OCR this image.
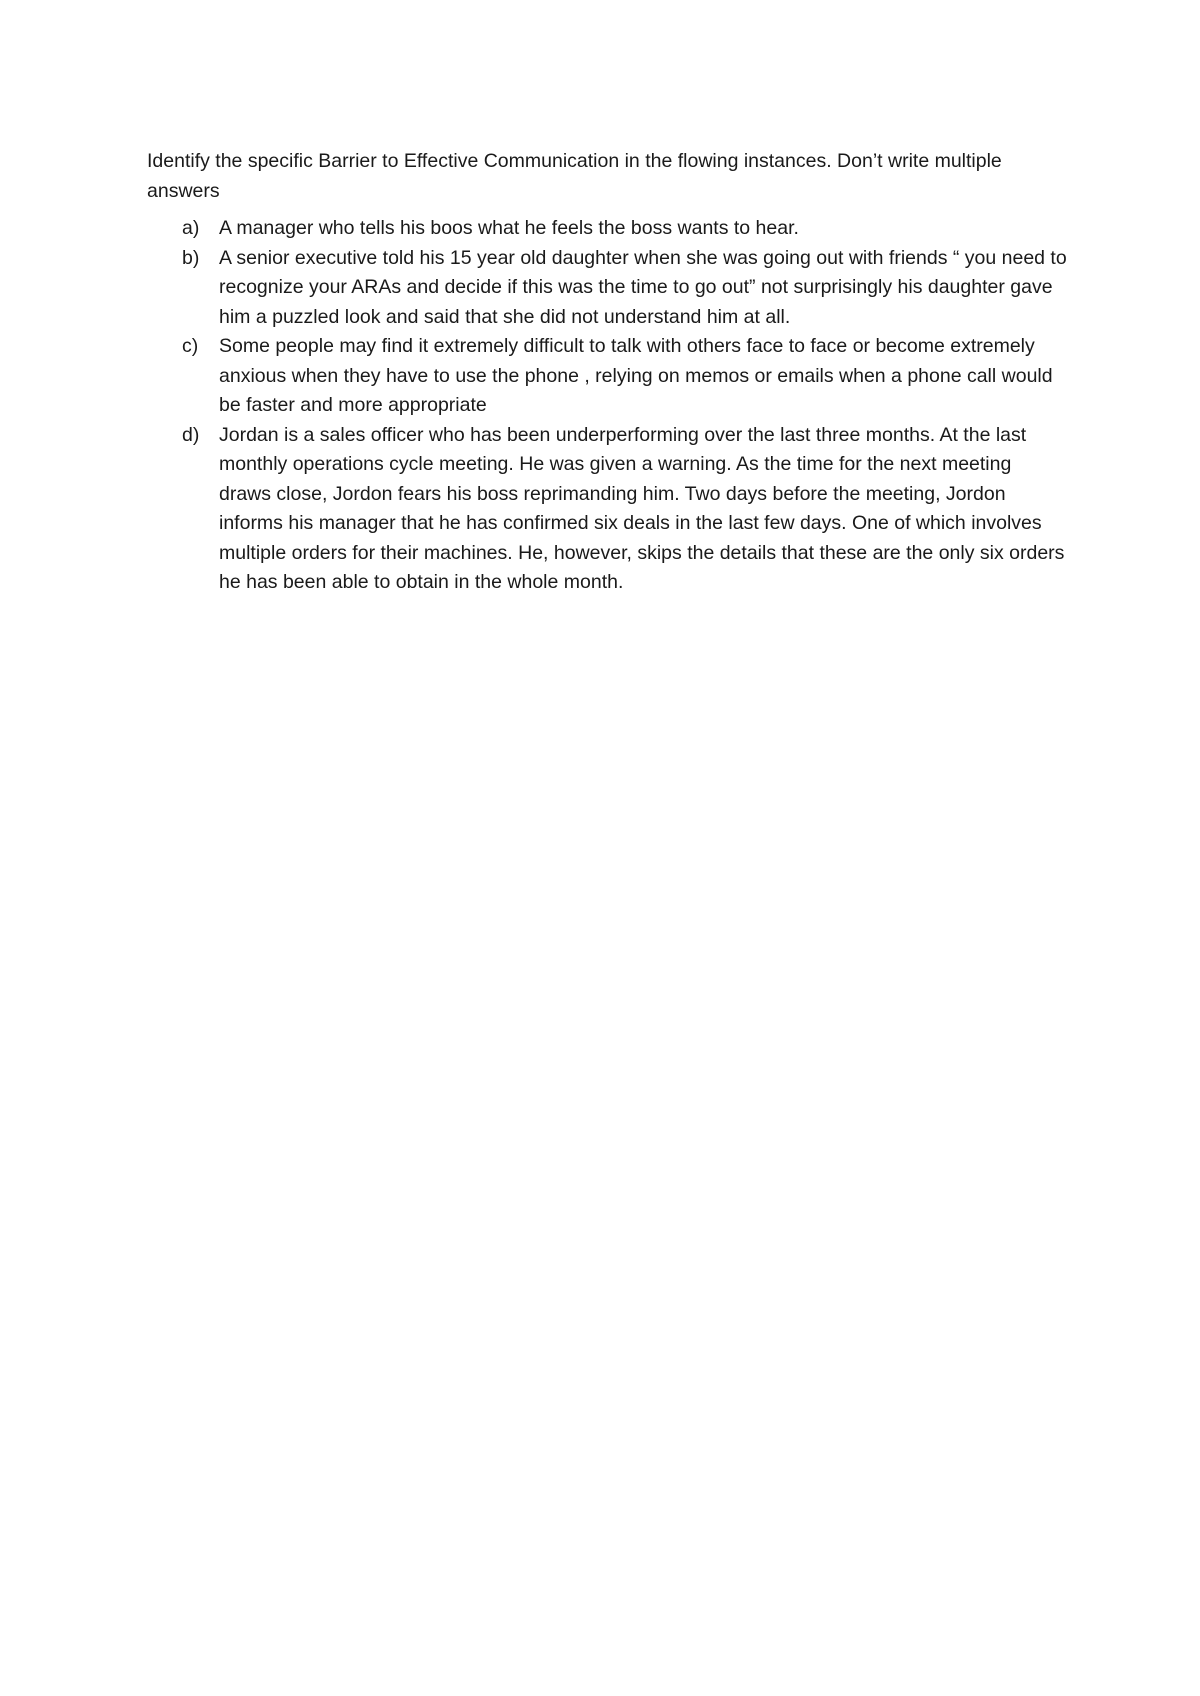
Identify the specific Barrier to Effective Communication in the flowing instances. Don’t write multiple answers

a) A manager who tells his boos what he feels the boss wants to hear.
b) A senior executive told his 15 year old daughter when she was going out with friends “ you need to recognize your ARAs and decide if this was the time to go out” not surprisingly his daughter gave him a puzzled look and said that she did not understand him at all.
c) Some people may find it extremely difficult to talk with others face to face or become extremely anxious when they have to use the phone , relying on memos or emails when a phone call would be faster and more appropriate
d) Jordan is a sales officer who has been underperforming over the last three months. At the last monthly operations cycle meeting. He was given a warning. As the time for the next meeting draws close, Jordon fears his boss reprimanding him. Two days before the meeting, Jordon informs his manager that he has confirmed six deals in the last few days. One of which involves multiple orders for their machines. He, however, skips the details that these are the only six orders he has been able to obtain in the whole month.
